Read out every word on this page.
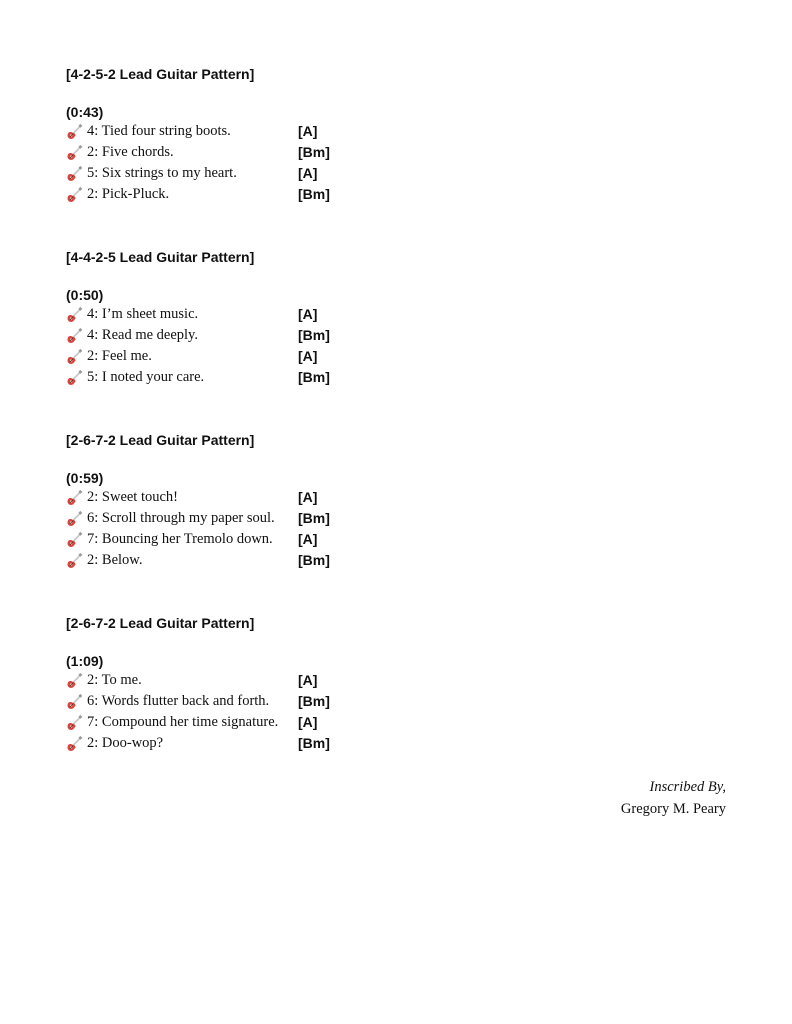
[4-2-5-2 Lead Guitar Pattern]
(0:43)
4: Tied four string boots.	[A]
2: Five chords.	[Bm]
5: Six strings to my heart.	[A]
2: Pick-Pluck.	[Bm]
[4-4-2-5 Lead Guitar Pattern]
(0:50)
4: I’m sheet music.	[A]
4: Read me deeply.	[Bm]
2: Feel me.	[A]
5: I noted your care.	[Bm]
[2-6-7-2 Lead Guitar Pattern]
(0:59)
2: Sweet touch!	[A]
6: Scroll through my paper soul. [Bm]
7: Bouncing her Tremolo down. [A]
2: Below.	[Bm]
[2-6-7-2 Lead Guitar Pattern]
(1:09)
2: To me.	[A]
6: Words flutter back and forth. [Bm]
7: Compound her time signature. [A]
2: Doo-wop?	[Bm]
Inscribed By,
Gregory M. Peary
